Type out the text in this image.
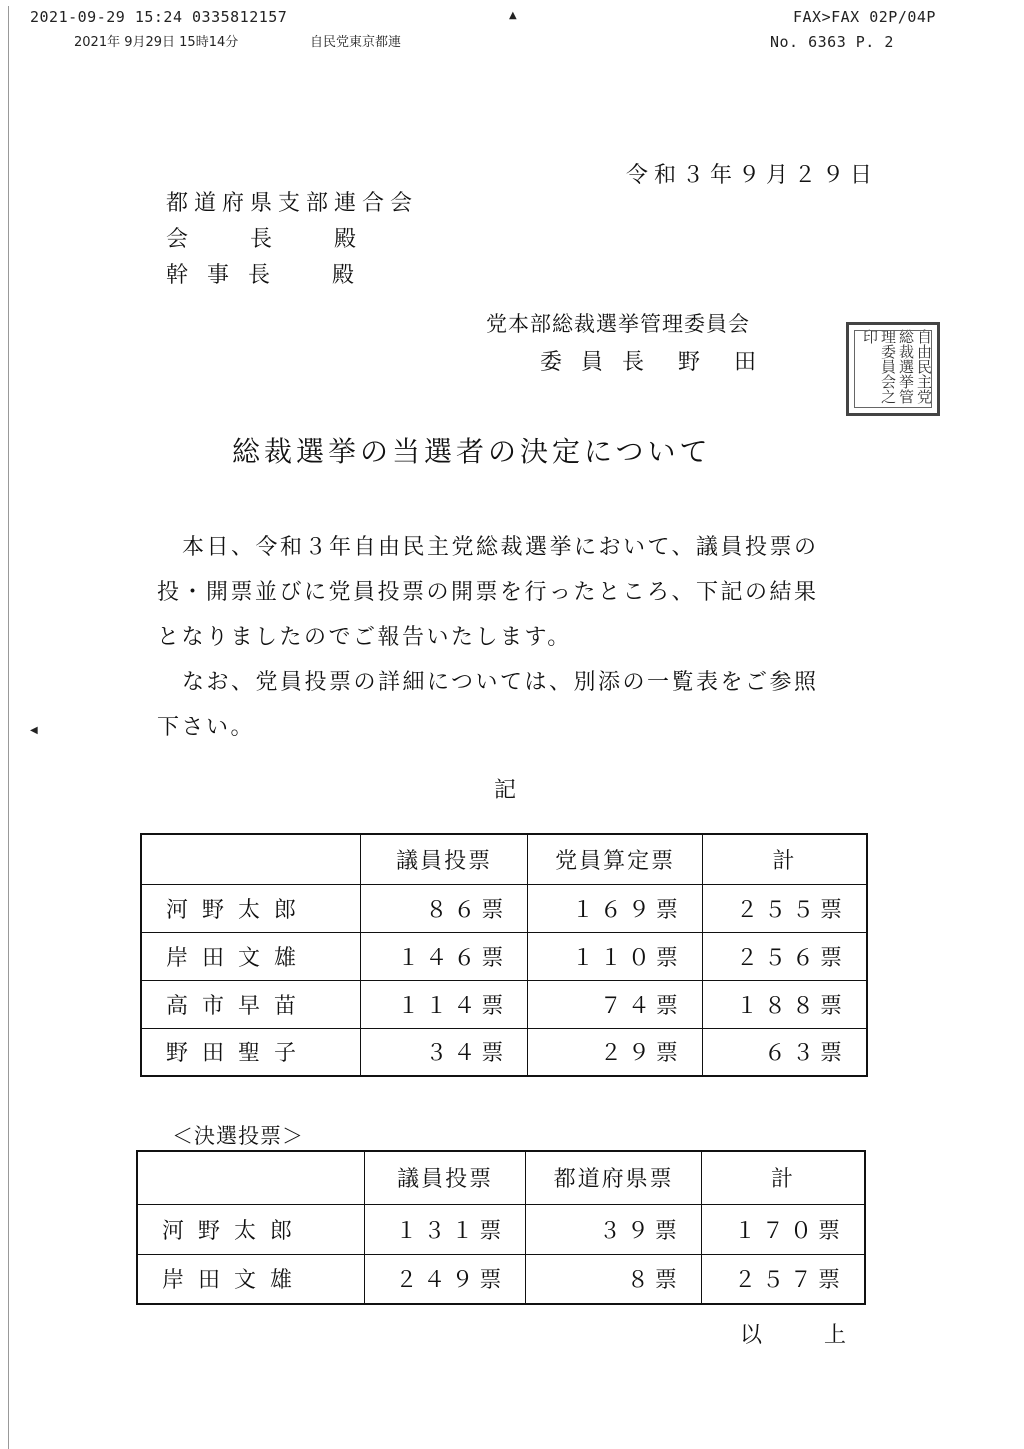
2021-09-29 15:24 0335812157	▲	FAX>FAX 02P/04P
2021年 9月29日 15時14分	自民党東京都連	No. 6363 P. 2
令和３年９月２９日
都道府県支部連合会
会　　長　　殿
幹 事 長　　殿
党本部総裁選挙管理委員会
委 員 長　野　田	自由民主党総裁選挙管理委員会之印
総裁選挙の当選者の決定について
本日、令和３年自由民主党総裁選挙において、議員投票の
投・開票並びに党員投票の開票を行ったところ、下記の結果
となりましたのでご報告いたします。
なお、党員投票の詳細については、別添の一覧表をご参照
下さい。
◀
記
	議員投票	党員算定票	計
河野太郎	８６票	１６９票	２５５票
岸田文雄	１４６票	１１０票	２５６票
高市早苗	１１４票	７４票	１８８票
野田聖子	３４票	２９票	６３票
＜決選投票＞
	議員投票	都道府県票	計
河野太郎	１３１票	３９票	１７０票
岸田文雄	２４９票	８票	２５７票
以　　上
